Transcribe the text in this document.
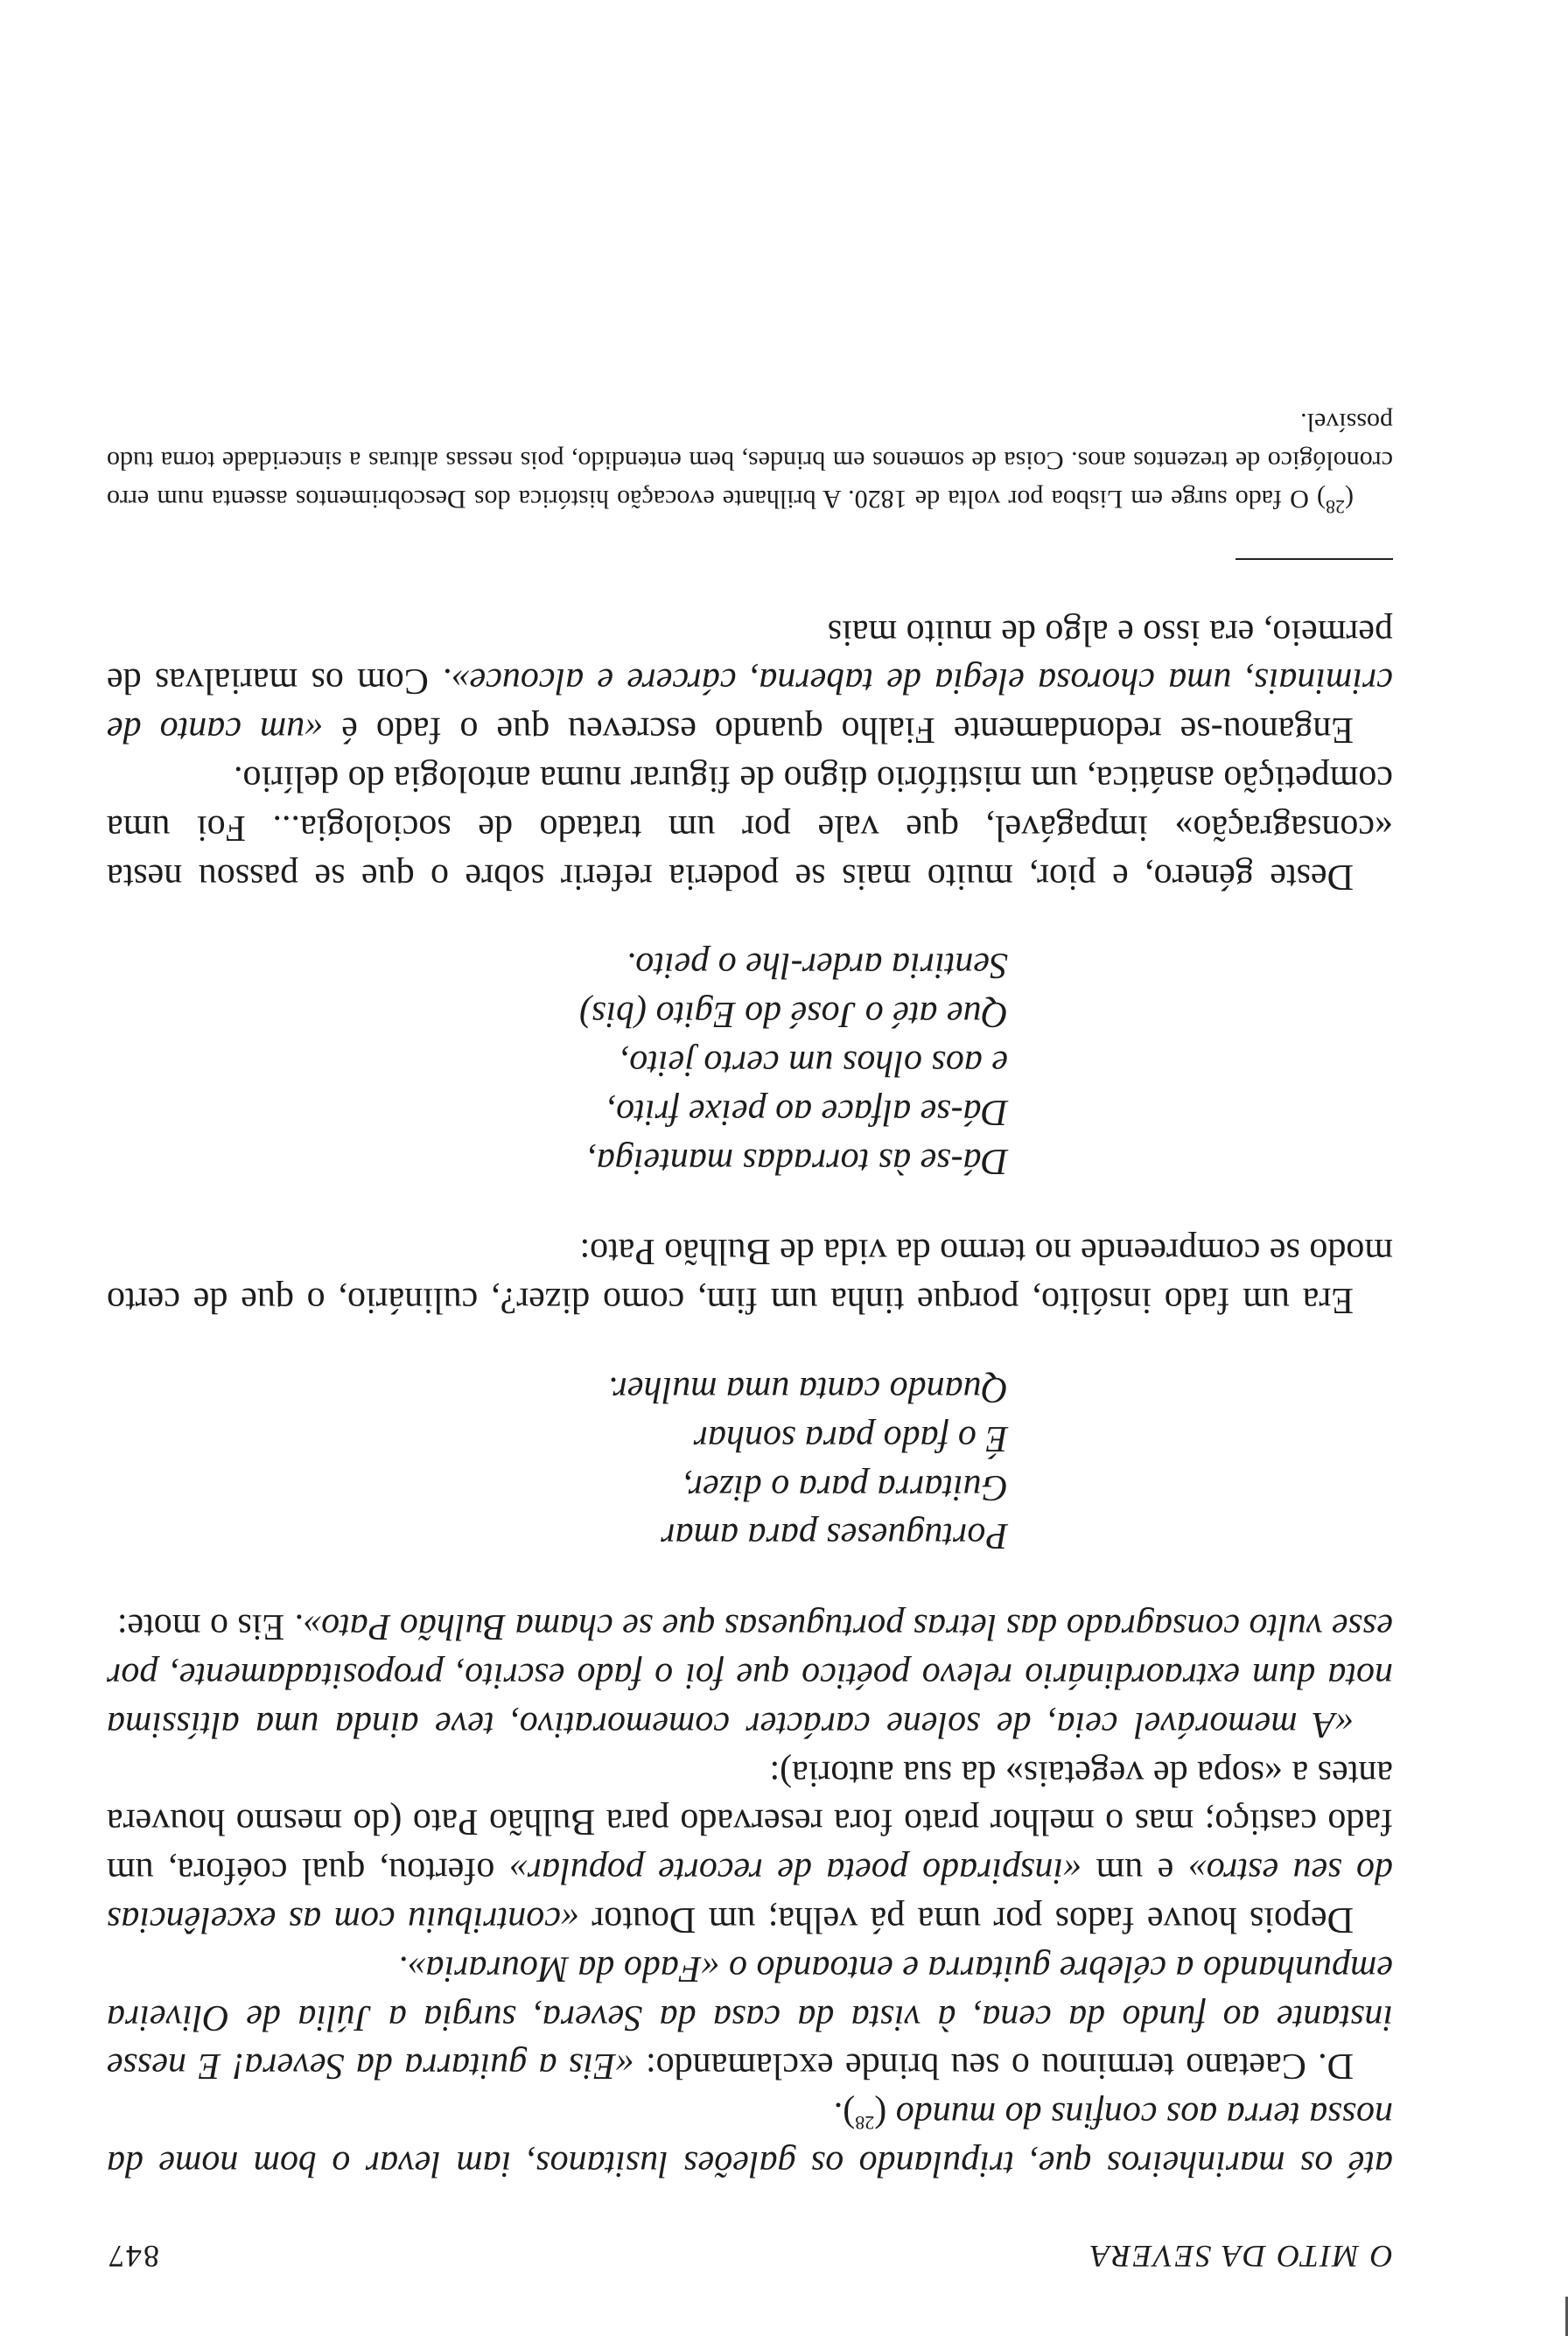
O MITO DA SEVERA
847

até os marinheiros que, tripulando os galeões lusitanos, iam levar o bom nome da nossa terra aos confins do mundo ($^{28}$).

D. Caetano terminou o seu brinde exclamando: «Eis a guitarra da Severa! E nesse instante ao fundo da cena, à vista da casa da Severa, surgia a Júlia de Oliveira empunhando a célebre guitarra e entoando o «Fado da Mouraria».

Depois houve fados por uma pá velha; um Doutor «contribuiu com as excelências do seu estro» e um «inspirado poeta de recorte popular» ofertou, qual coéfora, um fado castiço; mas o melhor prato fora reservado para Bulhão Pato (do mesmo houvera antes a «sopa de vegetais» da sua autoria):

«A memorável ceia, de solene carácter comemorativo, teve ainda uma altíssima nota dum extraordinário relevo poético que foi o fado escrito, propositadamente, por esse vulto consagrado das letras portuguesas que se chama Bulhão Pato». Eis o mote:

Portugueses para amar
Guitarra para o dizer,
É o fado para sonhar
Quando canta uma mulher.

Era um fado insólito, porque tinha um fim, como dizer?, culinário, o que de certo modo se compreende no termo da vida de Bulhão Pato:

Dá-se às torradas manteiga,
Dá-se alface ao peixe frito,
e aos olhos um certo jeito,
Que até o José do Egito (bis)
Sentiria arder-lhe o peito.

Deste género, e pior, muito mais se poderia referir sobre o que se passou nesta «consagração» impagável, que vale por um tratado de sociologia... Foi uma competição asnática, um mistifório digno de figurar numa antologia do delírio.

Enganou-se redondamente Fialho quando escreveu que o fado é «um canto de criminais, uma chorosa elegia de taberna, cárcere e alcouce». Com os marialvas de permeio, era isso e algo de muito mais

($^{28}$) O fado surge em Lisboa por volta de 1820. A brilhante evocação histórica dos Descobrimentos assenta num erro cronológico de trezentos anos. Coisa de somenos em brindes, bem entendido, pois nessas alturas a sinceridade torna tudo possível.
